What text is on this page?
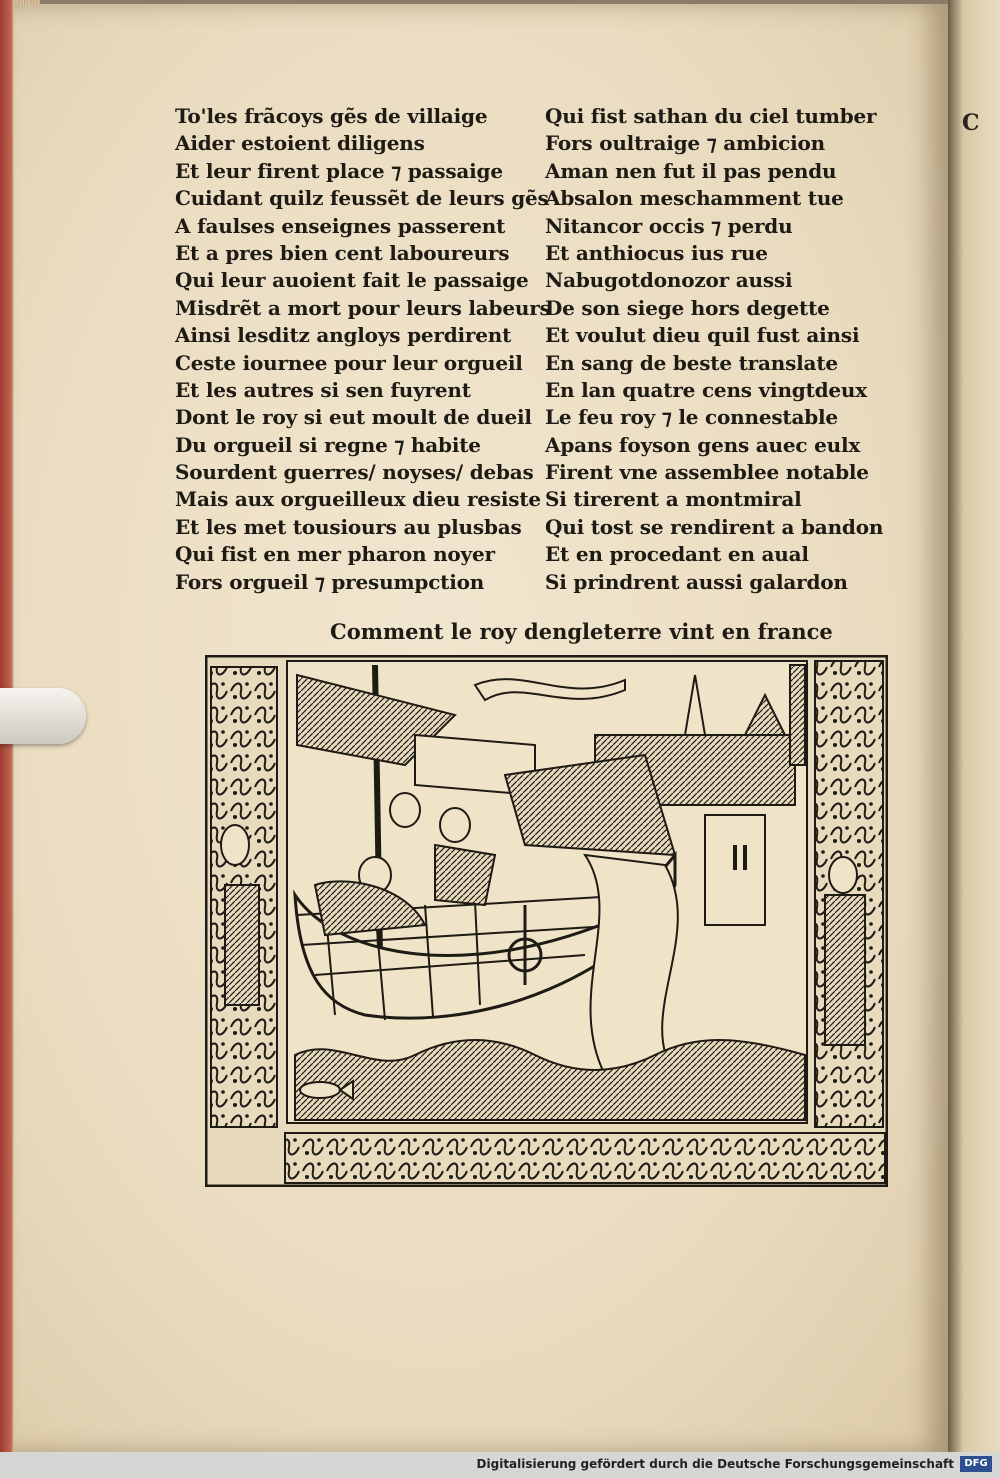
To'les frãcoys gẽs de villaige
Aider estoient diligens
Et leur firent place ⁊ passaige
Cuidant quilz feussẽt de leurs gẽs
A faulses enseignes passerent
Et a pres bien cent laboureurs
Qui leur auoient fait le passaige
Misdrẽt a mort pour leurs labeurs
Ainsi lesditz angloys perdirent
Ceste iournee pour leur orgueil
Et les autres si sen fuyrent
Dont le roy si eut moult de dueil
Du orgueil si regne ⁊ habite
Sourdent guerres/ noyses/ debas
Mais aux orgueilleux dieu resiste
Et les met tousiours au plusbas
Qui fist en mer pharon noyer
Fors orgueil ⁊ presumpction
Qui fist sathan du ciel tumber
Fors oultraige ⁊ ambicion
Aman nen fut il pas pendu
Absalon meschamment tue
Nitancor occis ⁊ perdu
Et anthiocus ius rue
Nabugotdonozor aussi
De son siege hors degette
Et voulut dieu quil fust ainsi
En sang de beste translate
En lan quatre cens vingtdeux
Le feu roy ⁊ le connestable
Apans foyson gens auec eulx
Firent vne assemblee notable
Si tirerent a montmiral
Qui tost se rendirent a bandon
Et en procedant en aual
Si prindrent aussi galardon
Comment le roy dengleterre vint en france
C
Digitalisierung gefördert durch die Deutsche Forschungsgemeinschaft	DFG
